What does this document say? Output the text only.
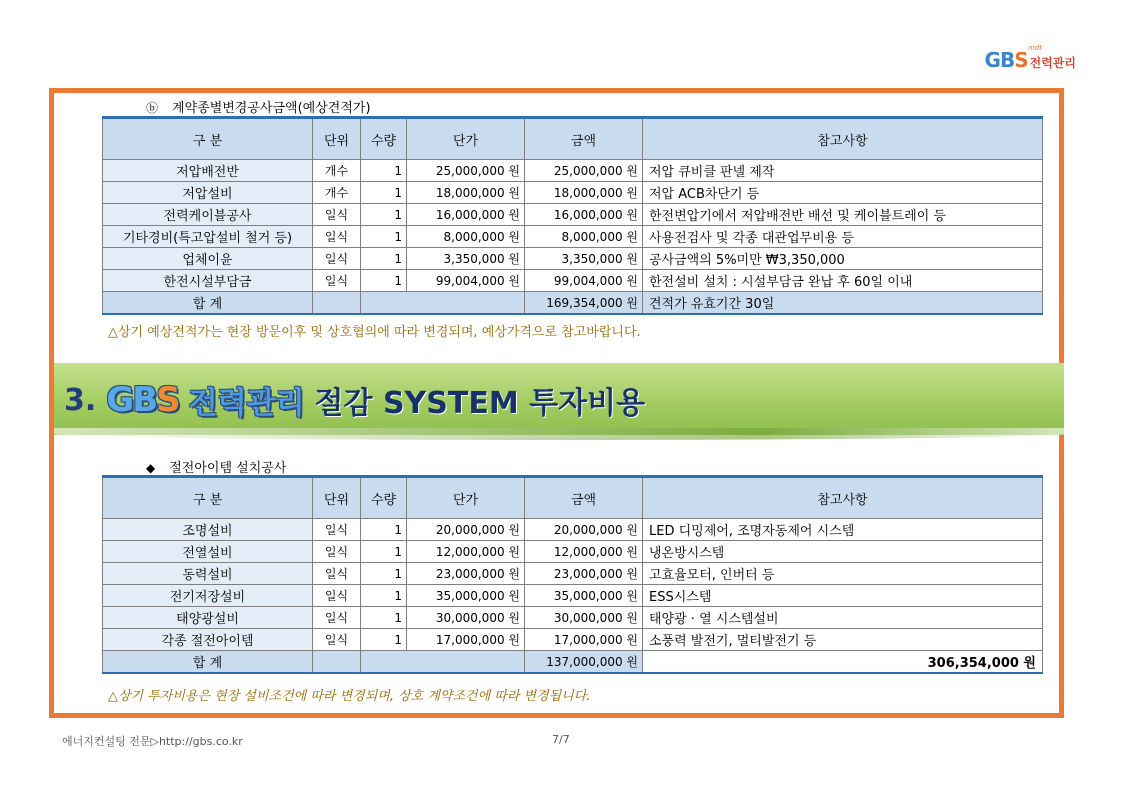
GBS 전력관리
mdt
ⓑ 계약종별변경공사금액(예상견적가)
구 분	단위	수량	단가	금액	참고사항
저압배전반	개수	1	25,000,000 원	25,000,000 원	저압 큐비클 판넬 제작
저압설비	개수	1	18,000,000 원	18,000,000 원	저압 ACB차단기 등
전력케이블공사	일식	1	16,000,000 원	16,000,000 원	한전변압기에서 저압배전반 배선 및 케이블트레이 등
기타경비(특고압설비 철거 등)	일식	1	8,000,000 원	8,000,000 원	사용전검사 및 각종 대관업무비용 등
업체이윤	일식	1	3,350,000 원	3,350,000 원	공사금액의 5%미만 ₩3,350,000
한전시설부담금	일식	1	99,004,000 원	99,004,000 원	한전설비 설치 : 시설부담금 완납 후 60일 이내
합 계				169,354,000 원	견적가 유효기간 30일
△상기 예상견적가는 현장 방문이후 및 상호협의에 따라 변경되며, 예상가격으로 참고바랍니다.
3. GBS 전력관리 절감 SYSTEM 투자비용
◆ 절전아이템 설치공사
구 분	단위	수량	단가	금액	참고사항
조명설비	일식	1	20,000,000 원	20,000,000 원	LED 디밍제어, 조명자동제어 시스템
전열설비	일식	1	12,000,000 원	12,000,000 원	냉온방시스템
동력설비	일식	1	23,000,000 원	23,000,000 원	고효율모터, 인버터 등
전기저장설비	일식	1	35,000,000 원	35,000,000 원	ESS시스템
태양광설비	일식	1	30,000,000 원	30,000,000 원	태양광 · 열 시스템설비
각종 절전아이템	일식	1	17,000,000 원	17,000,000 원	소풍력 발전기, 멀티발전기 등
합 계				137,000,000 원	306,354,000 원
△상기 투자비용은 현장 설비조건에 따라 변경되며, 상호 계약조건에 따라 변경됩니다.
에너지컨설팅 전문▷http://gbs.co.kr	7/7
